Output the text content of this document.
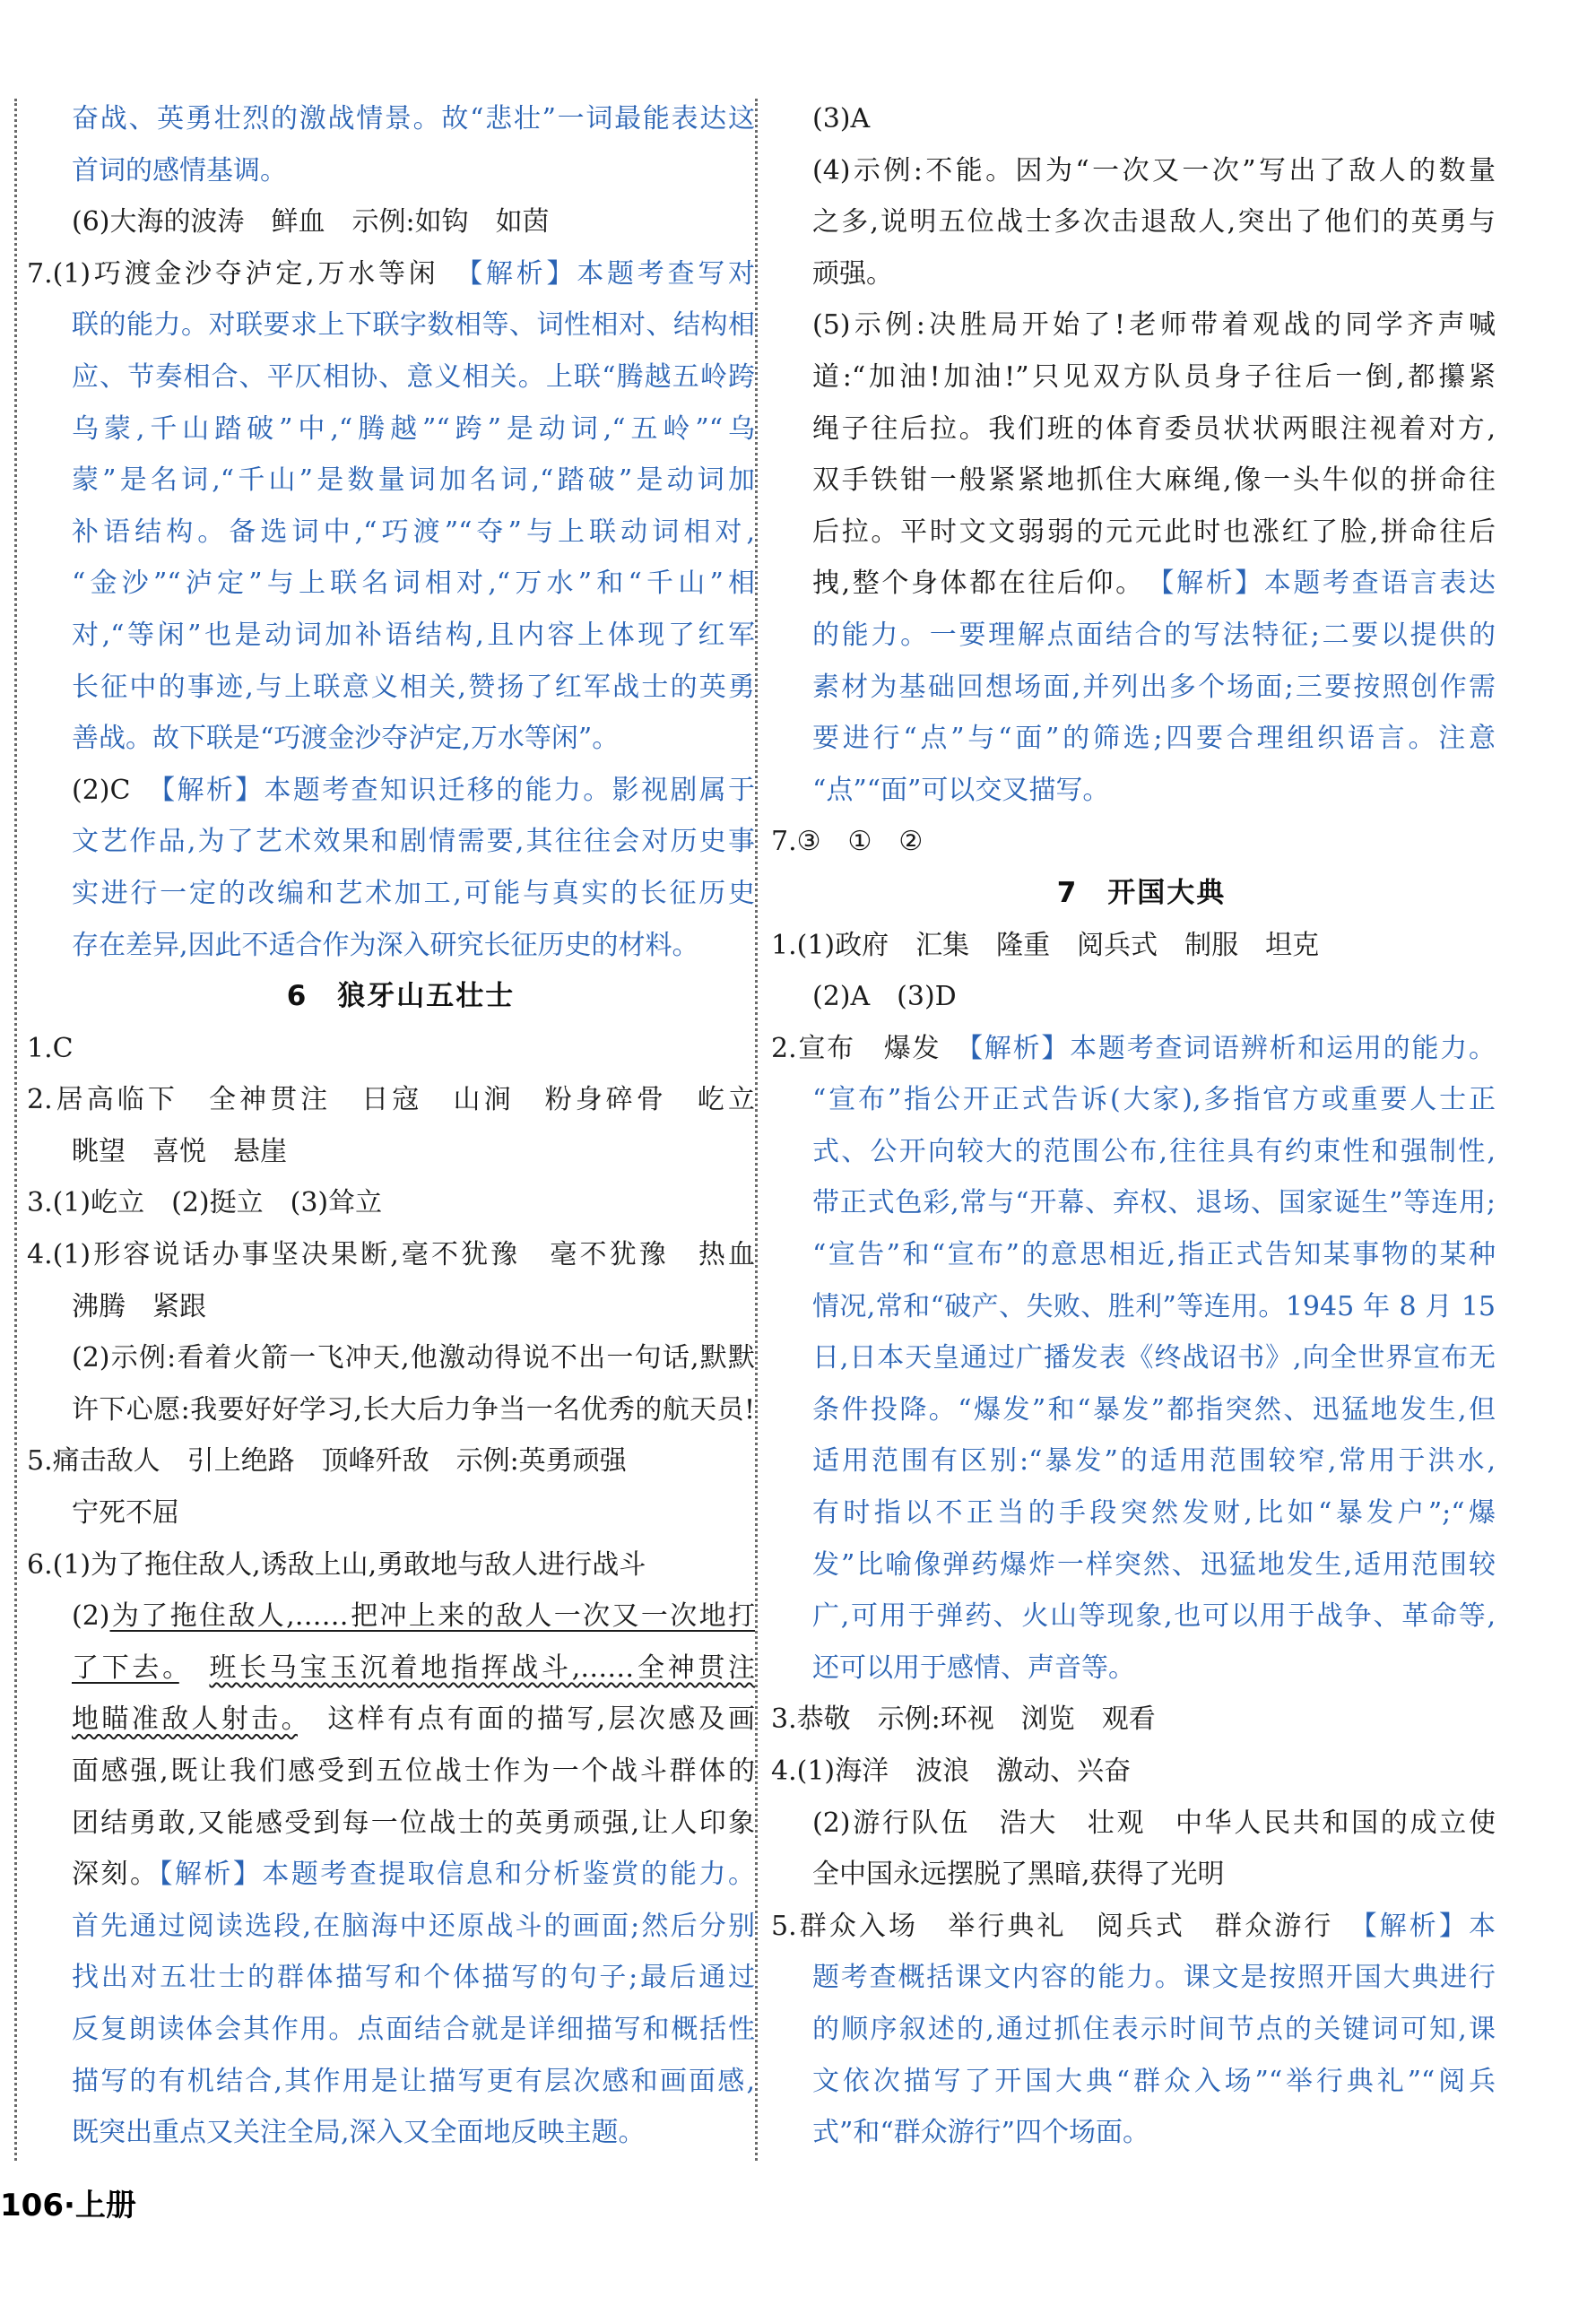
奋战、英勇壮烈的激战情景。故“悲壮”一词最能表达这
首词的感情基调。
(6)大海的波涛　鲜血　示例:如钩　如茵
7.(1)巧渡金沙夺泸定,万水等闲　【解析】本题考查写对
联的能力。对联要求上下联字数相等、词性相对、结构相
应、节奏相合、平仄相协、意义相关。上联“腾越五岭跨
乌蒙,千山踏破”中,“腾越”“跨”是动词,“五岭”“乌
蒙”是名词,“千山”是数量词加名词,“踏破”是动词加
补语结构。备选词中,“巧渡”“夺”与上联动词相对,
“金沙”“泸定”与上联名词相对,“万水”和“千山”相
对,“等闲”也是动词加补语结构,且内容上体现了红军
长征中的事迹,与上联意义相关,赞扬了红军战士的英勇
善战。故下联是“巧渡金沙夺泸定,万水等闲”。
(2)C　【解析】本题考查知识迁移的能力。影视剧属于
文艺作品,为了艺术效果和剧情需要,其往往会对历史事
实进行一定的改编和艺术加工,可能与真实的长征历史
存在差异,因此不适合作为深入研究长征历史的材料。
6　狼牙山五壮士
1.C
2.居高临下　全神贯注　日寇　山涧　粉身碎骨　屹立
眺望　喜悦　悬崖
3.(1)屹立　(2)挺立　(3)耸立
4.(1)形容说话办事坚决果断,毫不犹豫　毫不犹豫　热血
沸腾　紧跟
(2)示例:看着火箭一飞冲天,他激动得说不出一句话,默默
许下心愿:我要好好学习,长大后力争当一名优秀的航天员!
5.痛击敌人　引上绝路　顶峰歼敌　示例:英勇顽强
宁死不屈
6.(1)为了拖住敌人,诱敌上山,勇敢地与敌人进行战斗
(2)为了拖住敌人,……把冲上来的敌人一次又一次地打
了下去。　 班长马宝玉沉着地指挥战斗,……全神贯注
地瞄准敌人射击。　这样有点有面的描写,层次感及画
面感强,既让我们感受到五位战士作为一个战斗群体的
团结勇敢,又能感受到每一位战士的英勇顽强,让人印象
深刻。【解析】本题考查提取信息和分析鉴赏的能力。
首先通过阅读选段,在脑海中还原战斗的画面;然后分别
找出对五壮士的群体描写和个体描写的句子;最后通过
反复朗读体会其作用。点面结合就是详细描写和概括性
描写的有机结合,其作用是让描写更有层次感和画面感,
既突出重点又关注全局,深入又全面地反映主题。
(3)A
(4)示例:不能。因为“一次又一次”写出了敌人的数量
之多,说明五位战士多次击退敌人,突出了他们的英勇与
顽强。
(5)示例:决胜局开始了!老师带着观战的同学齐声喊
道:“加油!加油!”只见双方队员身子往后一倒,都攥紧
绳子往后拉。我们班的体育委员状状两眼注视着对方,
双手铁钳一般紧紧地抓住大麻绳,像一头牛似的拼命往
后拉。平时文文弱弱的元元此时也涨红了脸,拼命往后
拽,整个身体都在往后仰。　【解析】本题考查语言表达
的能力。一要理解点面结合的写法特征;二要以提供的
素材为基础回想场面,并列出多个场面;三要按照创作需
要进行“点”与“面”的筛选;四要合理组织语言。注意
“点”“面”可以交叉描写。
7.③　①　②
7　开国大典
1.(1)政府　汇集　隆重　阅兵式　制服　坦克
(2)A　(3)D
2.宣布　爆发　【解析】本题考查词语辨析和运用的能力。
“宣布”指公开正式告诉(大家),多指官方或重要人士正
式、公开向较大的范围公布,往往具有约束性和强制性,
带正式色彩,常与“开幕、弃权、退场、国家诞生”等连用;
“宣告”和“宣布”的意思相近,指正式告知某事物的某种
情况,常和“破产、失败、胜利”等连用。1945 年 8 月 15
日,日本天皇通过广播发表《终战诏书》,向全世界宣布无
条件投降。“爆发”和“暴发”都指突然、迅猛地发生,但
适用范围有区别:“暴发”的适用范围较窄,常用于洪水,
有时指以不正当的手段突然发财,比如“暴发户”;“爆
发”比喻像弹药爆炸一样突然、迅猛地发生,适用范围较
广,可用于弹药、火山等现象,也可以用于战争、革命等,
还可以用于感情、声音等。
3.恭敬　示例:环视　浏览　观看
4.(1)海洋　波浪　激动、兴奋
(2)游行队伍　浩大　壮观　中华人民共和国的成立使
全中国永远摆脱了黑暗,获得了光明
5.群众入场　举行典礼　阅兵式　群众游行　【解析】本
题考查概括课文内容的能力。课文是按照开国大典进行
的顺序叙述的,通过抓住表示时间节点的关键词可知,课
文依次描写了开国大典“群众入场”“举行典礼”“阅兵
式”和“群众游行”四个场面。
106·上册
